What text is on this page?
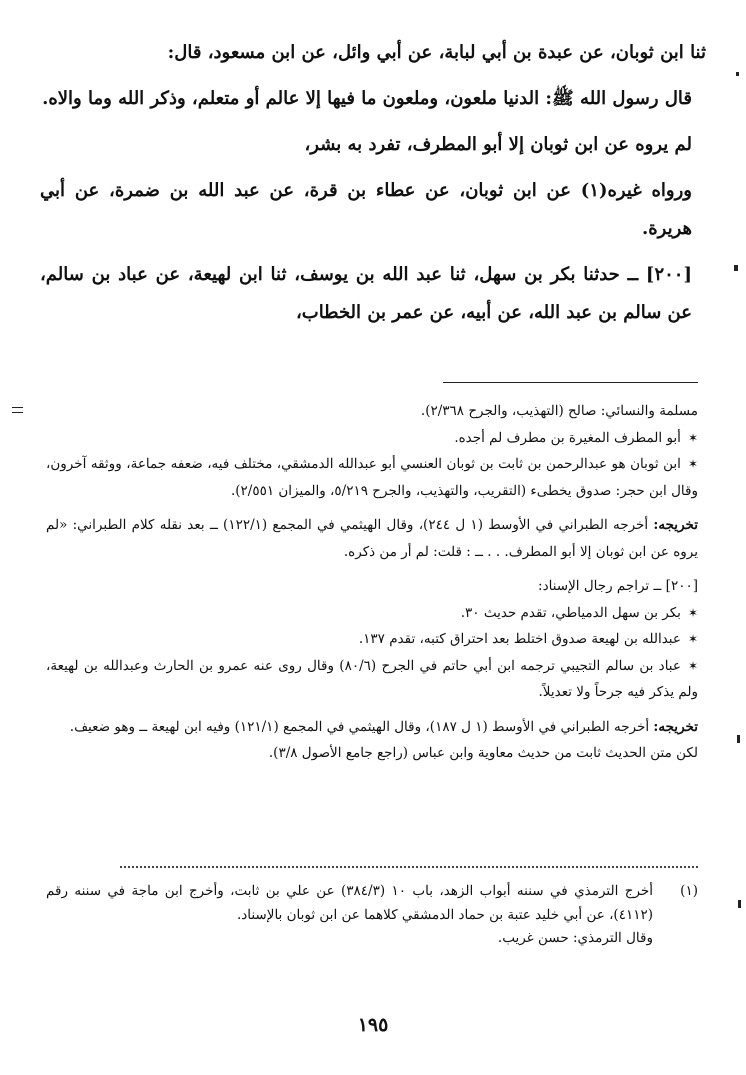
ثنا ابن ثوبان، عن عبدة بن أبي لبابة، عن أبي وائل، عن ابن مسعود، قال:

قال رسول الله ﷺ: الدنيا ملعون، وملعون ما فيها إلا عالم أو متعلم، وذكر الله وما والاه.

لم يروه عن ابن ثوبان إلا أبو المطرف، تفرد به بشر،

ورواه غيره(١) عن ابن ثوبان، عن عطاء بن قرة، عن عبد الله بن ضمرة، عن أبي هريرة.

[٢٠٠] ــ حدثنا بكر بن سهل، ثنا عبد الله بن يوسف، ثنا ابن لهيعة، عن عباد بن سالم، عن سالم بن عبد الله، عن أبيه، عن عمر بن الخطاب،

مسلمة والنسائي: صالح (التهذيب، والجرح ٢/٣٦٨).

✶ أبو المطرف المغيرة بن مطرف لم أجده.

✶ ابن ثوبان هو عبدالرحمن بن ثابت بن ثوبان العنسي أبو عبدالله الدمشقي، مختلف فيه، ضعفه جماعة، ووثقه آخرون، وقال ابن حجر: صدوق يخطىء (التقريب، والتهذيب، والجرح ٥/٢١٩، والميزان ٢/٥٥١).

تخريجه: أخرجه الطبراني في الأوسط (١ ل ٢٤٤)، وقال الهيثمي في المجمع (١٢٢/١) ــ بعد نقله كلام الطبراني: «لم يروه عن ابن ثوبان إلا أبو المطرف. . . ــ : قلت: لم أر من ذكره.

[٢٠٠] ــ تراجم رجال الإسناد:

✶ بكر بن سهل الدمياطي، تقدم حديث ٣٠.

✶ عبدالله بن لهيعة صدوق اختلط بعد احتراق كتبه، تقدم ١٣٧.

✶ عباد بن سالم التجيبي ترجمه ابن أبي حاتم في الجرح (٨٠/٦) وقال روى عنه عمرو بن الحارث وعبدالله بن لهيعة، ولم يذكر فيه جرحاً ولا تعديلاً.

تخريجه: أخرجه الطبراني في الأوسط (١ ل ١٨٧)، وقال الهيثمي في المجمع (١٢١/١) وفيه ابن لهيعة ــ وهو ضعيف.

لكن متن الحديث ثابت من حديث معاوية وابن عباس (راجع جامع الأصول ٣/٨).

(١)

أخرج الترمذي في سننه أبواب الزهد، باب ١٠ (٣٨٤/٣) عن علي بن ثابت، وأخرج ابن ماجة في سننه رقم (٤١١٢)، عن أبي خليد عتبة بن حماد الدمشقي كلاهما عن ابن ثوبان بالإسناد.

وقال الترمذي: حسن غريب.

١٩٥
